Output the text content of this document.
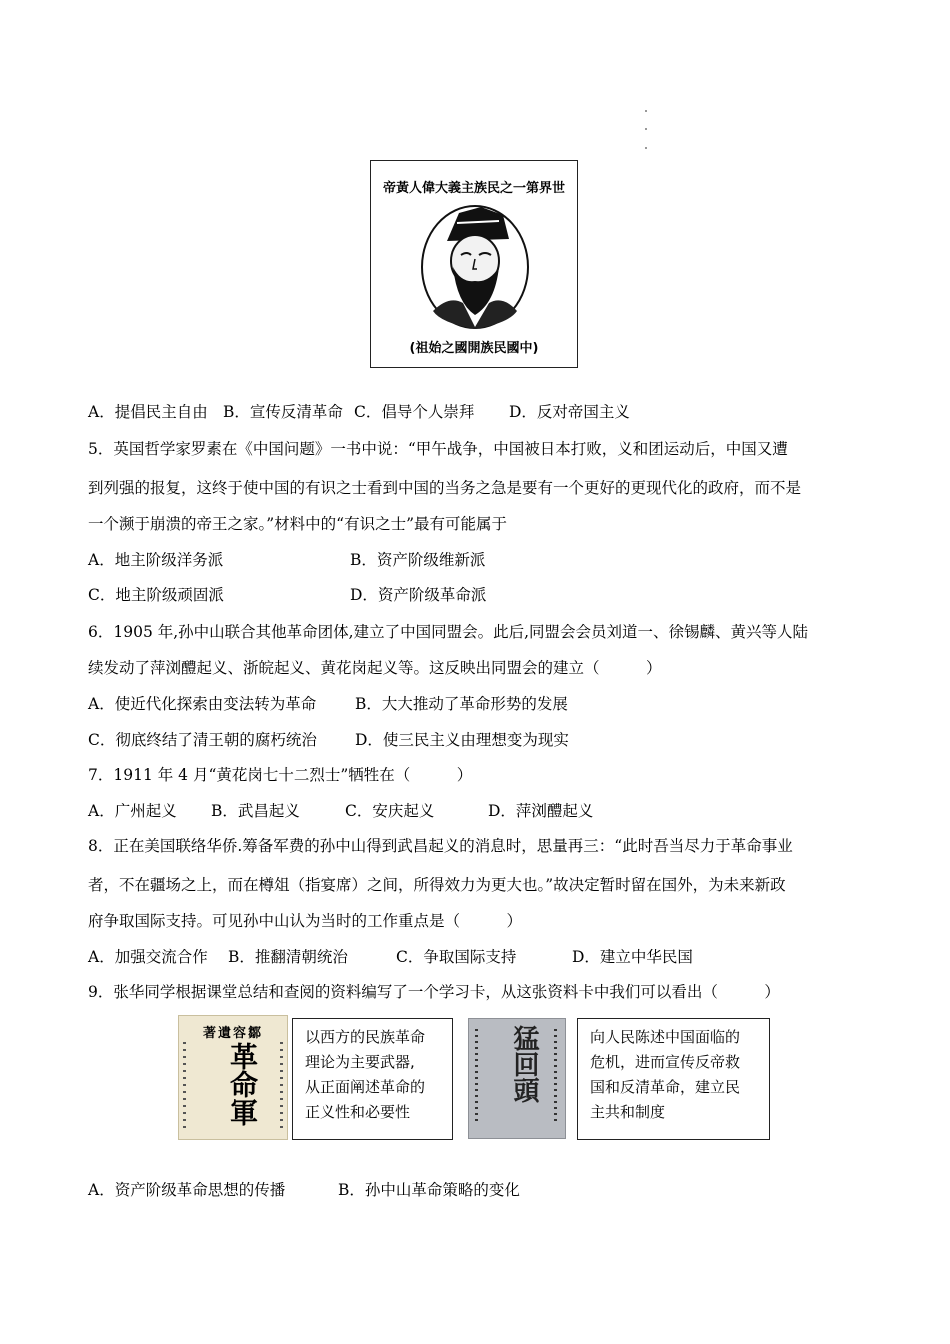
帝黃人偉大義主族民之一第界世
(祖始之國開族民國中)
A．提倡民主自由 B．宣传反清革命 C．倡导个人崇拜 D．反对帝国主义
5．英国哲学家罗素在《中国问题》一书中说：“甲午战争，中国被日本打败，义和团运动后，中国又遭
到列强的报复，这终于使中国的有识之士看到中国的当务之急是要有一个更好的更现代化的政府，而不是
一个濒于崩溃的帝王之家。”材料中的“有识之士”最有可能属于
A．地主阶级洋务派	B．资产阶级维新派
C．地主阶级顽固派	D．资产阶级革命派
6．1905 年,孙中山联合其他革命团体,建立了中国同盟会。此后,同盟会会员刘道一、徐锡麟、黄兴等人陆
续发动了萍浏醴起义、浙皖起义、黄花岗起义等。这反映出同盟会的建立（　　　）
A．使近代化探索由变法转为革命	B．大大推动了革命形势的发展
C．彻底终结了清王朝的腐朽统治 D．使三民主义由理想变为现实
7．1911 年 4 月“黄花岗七十二烈士”牺牲在（　　　）
A．广州起义 B．武昌起义	C．安庆起义	D．萍浏醴起义
8．正在美国联络华侨.筹备军费的孙中山得到武昌起义的消息时，思量再三：“此时吾当尽力于革命事业
者，不在疆场之上，而在樽俎（指宴席）之间，所得效力为更大也。”故决定暂时留在国外，为未来新政
府争取国际支持。可见孙中山认为当时的工作重点是（　　　）
A．加强交流合作 B．推翻清朝统治	C．争取国际支持	D．建立中华民国
9．张华同学根据课堂总结和查阅的资料编写了一个学习卡，从这张资料卡中我们可以看出（　　　）
著遺容鄒
革命軍
以西方的民族革命
理论为主要武器,
从正面阐述革命的
正义性和必要性
猛回頭	向人民陈述中国面临的
危机，进而宣传反帝救
国和反清革命，建立民
主共和制度
A．资产阶级革命思想的传播	B．孙中山革命策略的变化
